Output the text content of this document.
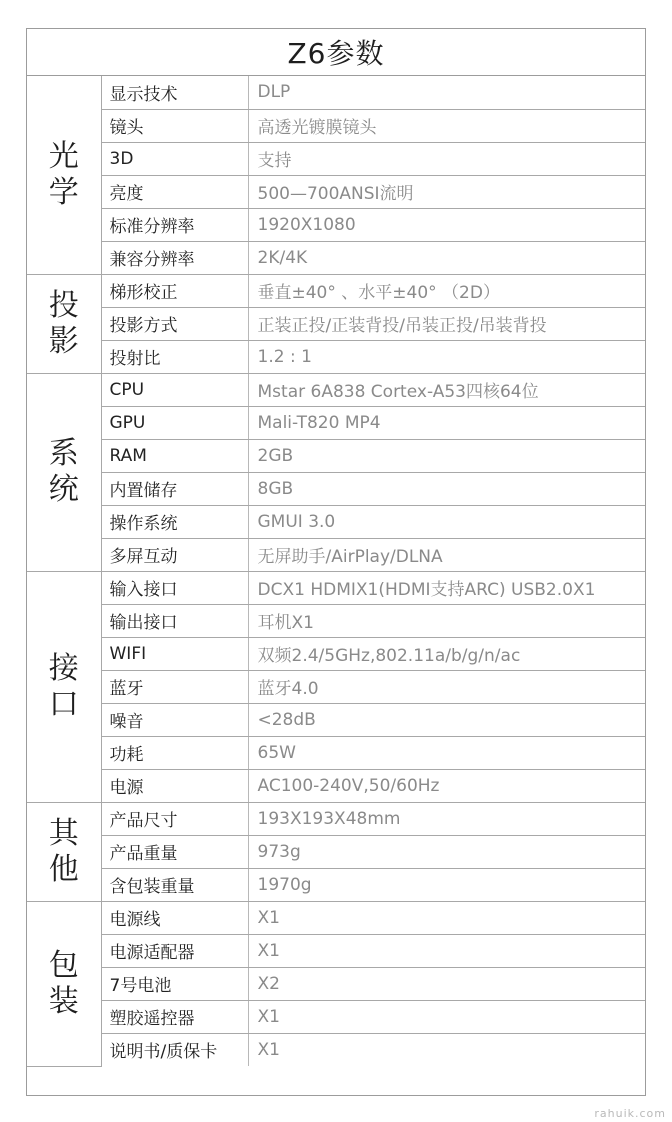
Z6参数
光
学	显示技术	DLP
	镜头	高透光镀膜镜头
	3D	支持
	亮度	500—700ANSI流明
	标准分辨率	1920X1080
	兼容分辨率	2K/4K

投
影	梯形校正	垂直±40° 、水平±40° （2D）
	投影方式	正装正投/正装背投/吊装正投/吊装背投
	投射比	1.2 : 1

系
统	CPU	Mstar 6A838 Cortex-A53四核64位
	GPU	Mali-T820 MP4
	RAM	2GB
	内置储存	8GB
	操作系统	GMUI 3.0
	多屏互动	无屏助手/AirPlay/DLNA

接
口	输入接口	DCX1 HDMIX1(HDMI支持ARC) USB2.0X1
	输出接口	耳机X1
	WIFI	双频2.4/5GHz,802.11a/b/g/n/ac
	蓝牙	蓝牙4.0
	噪音	<28dB
	功耗	65W
	电源	AC100-240V,50/60Hz

其
他	产品尺寸	193X193X48mm
	产品重量	973g
	含包装重量	1970g

包
装	电源线	X1
	电源适配器	X1
	7号电池	X2
	塑胶遥控器	X1
	说明书/质保卡	X1
rahuik.com
